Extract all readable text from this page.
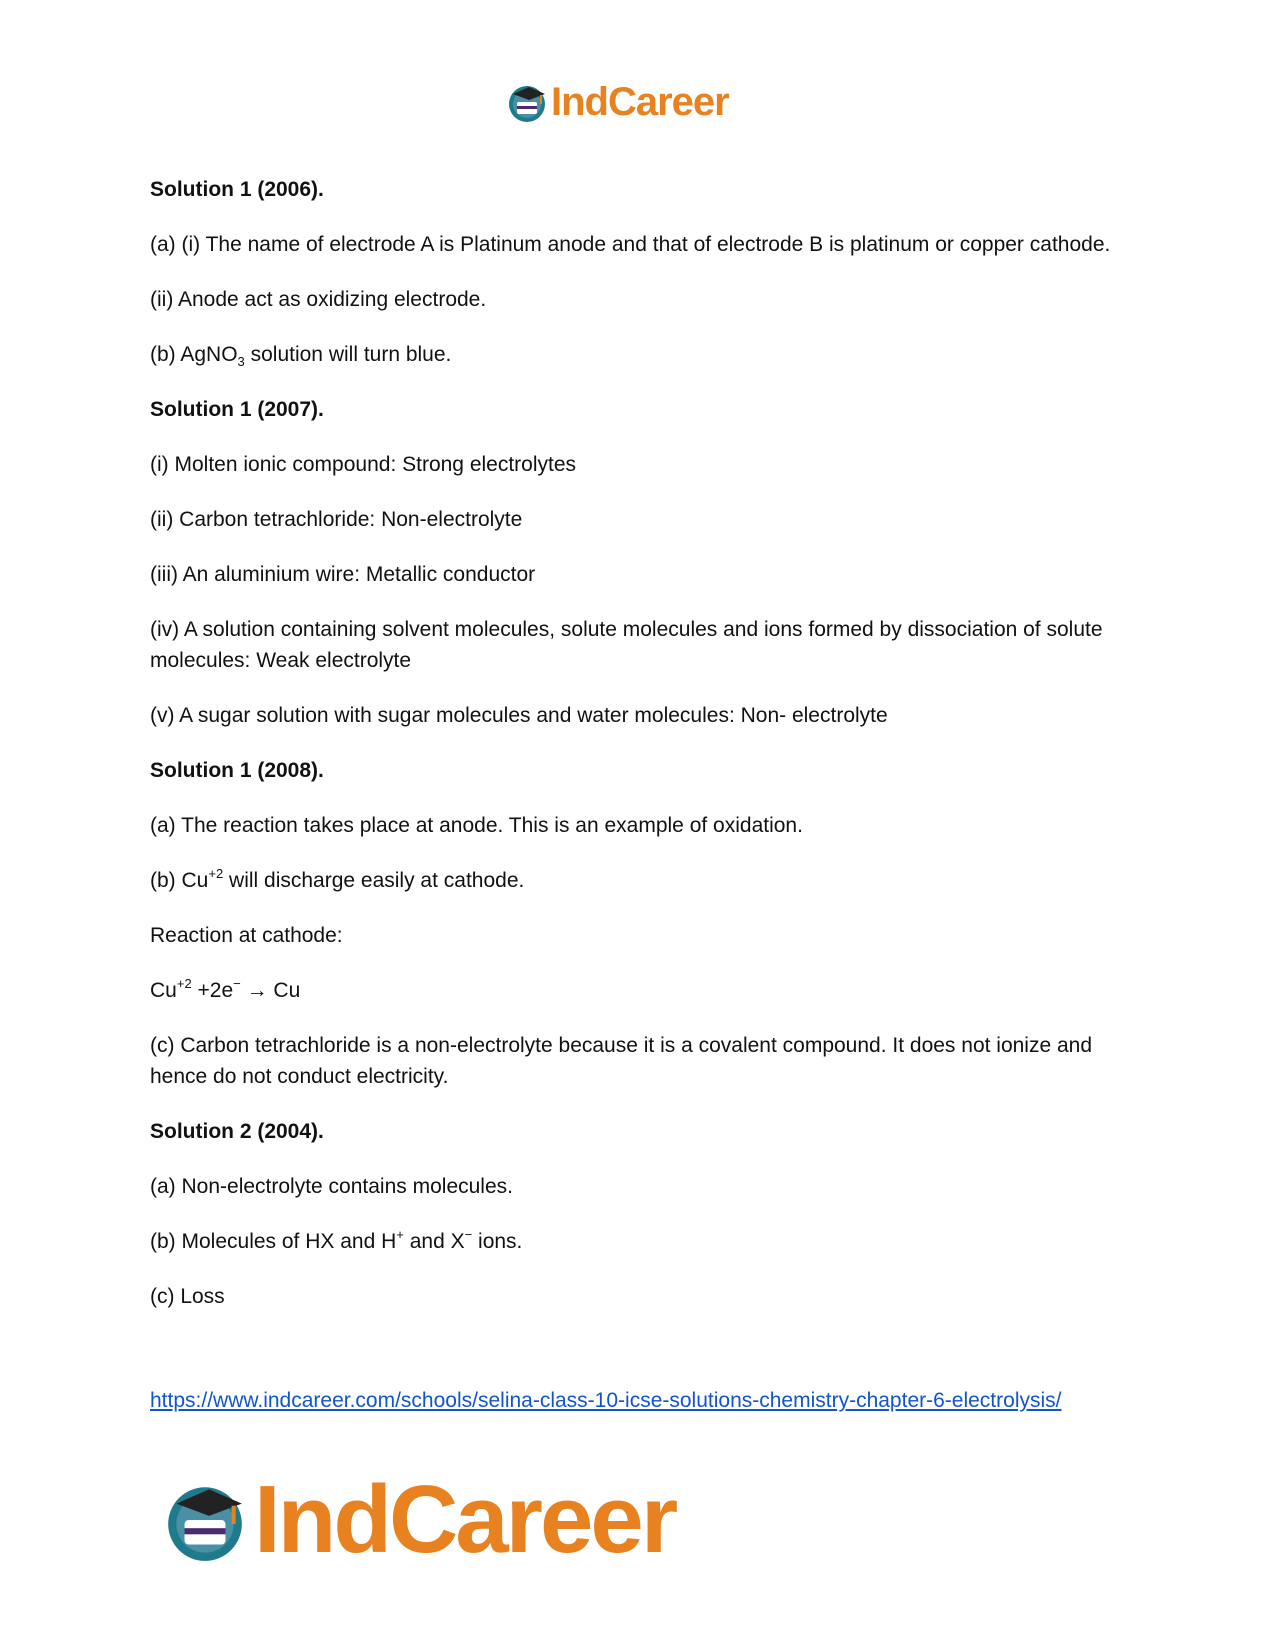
IndCareer
Solution 1 (2006).

(a) (i) The name of electrode A is Platinum anode and that of electrode B is platinum or copper cathode.

(ii) Anode act as oxidizing electrode.

(b) AgNO$_3$ solution will turn blue.

Solution 1 (2007).

(i) Molten ionic compound: Strong electrolytes

(ii) Carbon tetrachloride: Non-electrolyte

(iii) An aluminium wire: Metallic conductor

(iv) A solution containing solvent molecules, solute molecules and ions formed by dissociation of solute molecules: Weak electrolyte

(v) A sugar solution with sugar molecules and water molecules: Non- electrolyte

Solution 1 (2008).

(a) The reaction takes place at anode. This is an example of oxidation.

(b) $Cu^{+2}$ will discharge easily at cathode.

Reaction at cathode:

$Cu^{+2} +2e^- \to Cu$

(c) Carbon tetrachloride is a non-electrolyte because it is a covalent compound. It does not ionize and hence do not conduct electricity.

Solution 2 (2004).

(a) Non-electrolyte contains molecules.

(b) Molecules of HX and H+ and X− ions.

(c) Loss

https://www.indcareer.com/schools/selina-class-10-icse-solutions-chemistry-chapter-6-electrolysis/
IndCareer
